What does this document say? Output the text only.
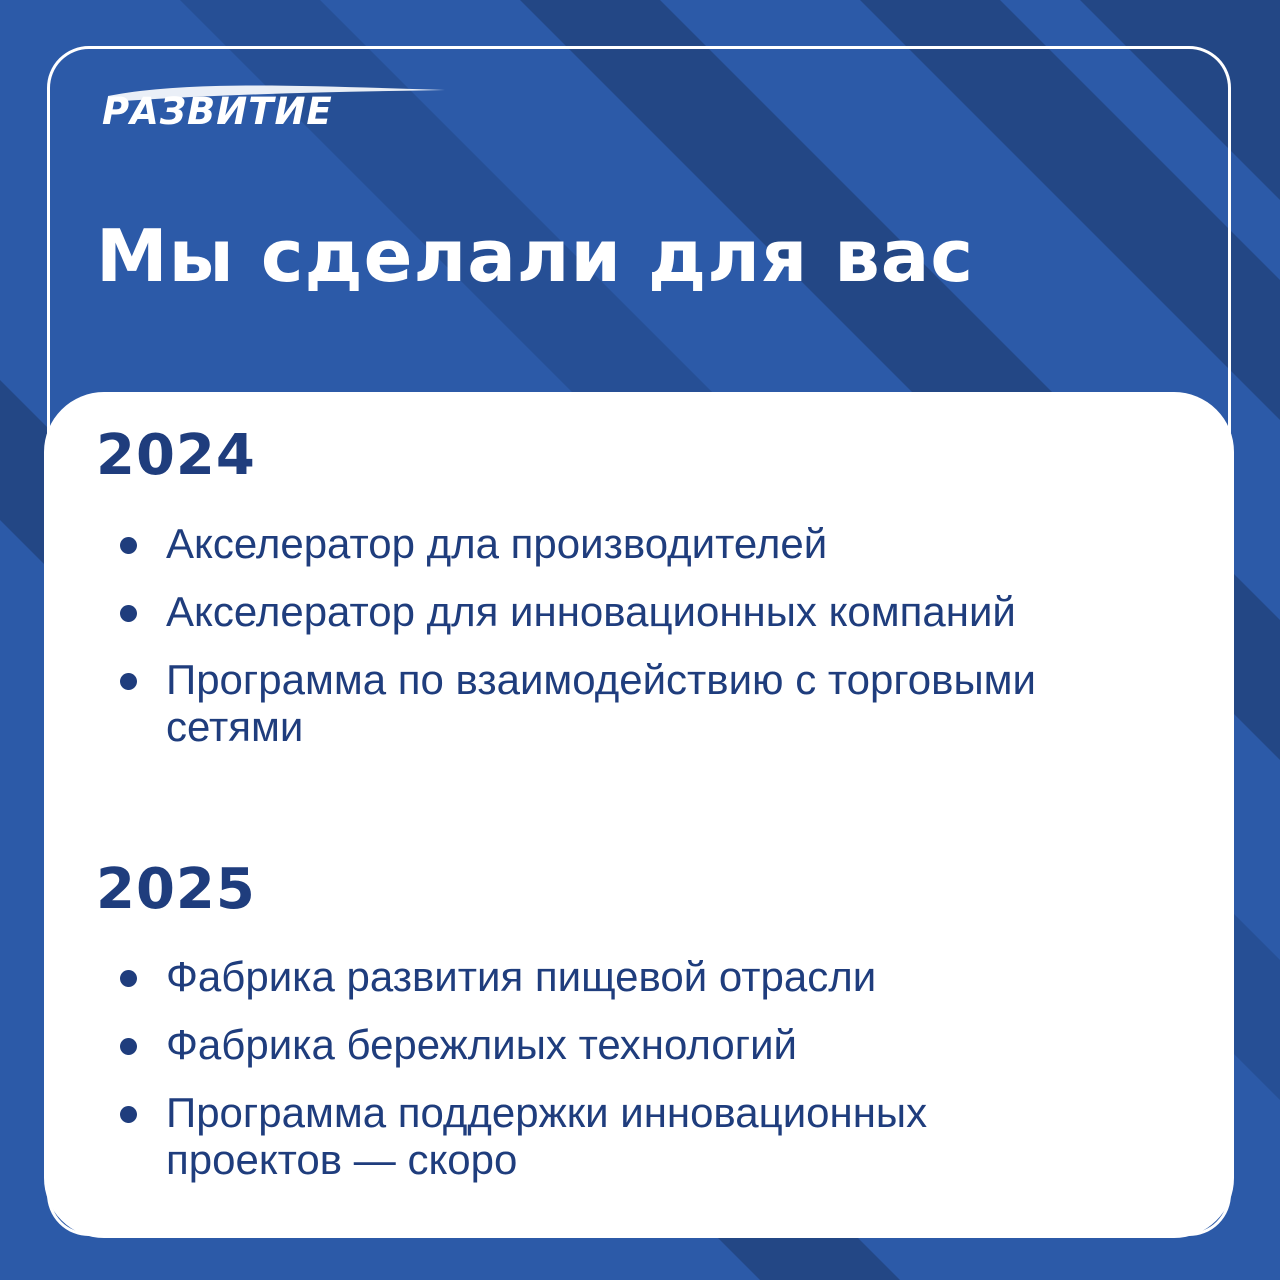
РАЗВИТИЕ
Мы сделали для вас
2024
Акселератор дла производителей
Акселератор для инновационных компаний
Программа по взаимодействию с торговыми сетями
2025
Фабрика развития пищевой отрасли
Фабрика бережлиых технологий
Программа поддержки инновационных проектов — скоро
